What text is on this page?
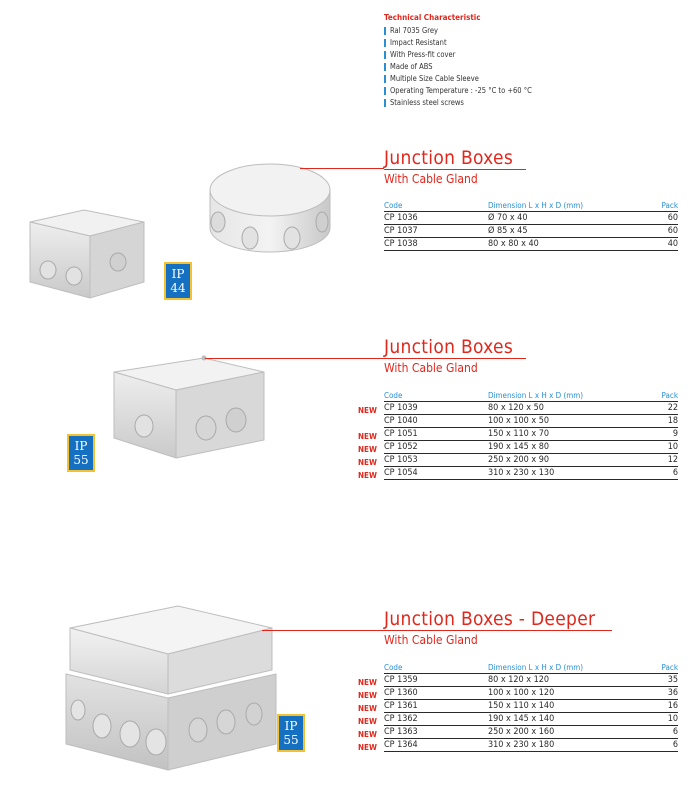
Technical Characteristic
Ral 7035 Grey
Impact Resistant
With Press-fit cover
Made of ABS
Multiple Size Cable Sleeve
Operating Temperature : -25 °C to +60 °C
Stainless steel screws
IP
44
Junction Boxes
With Cable Gland
Code	Dimension L x H x D (mm)	Pack
CP 1036	Ø 70 x 40	60
CP 1037	Ø 85 x 45	60
CP 1038	80 x 80 x 40	40
IP
55
Junction Boxes
With Cable Gland
NEW
NEW
NEW
NEW
NEW
Code	Dimension L x H x D (mm)	Pack
CP 1039	80 x 120 x 50	22
CP 1040	100 x 100 x 50	18
CP 1051	150 x 110 x 70	9
CP 1052	190 x 145 x 80	10
CP 1053	250 x 200 x 90	12
CP 1054	310 x 230 x 130	6
IP
55
Junction Boxes - Deeper
With Cable Gland
NEW
NEW
NEW
NEW
NEW
NEW
Code	Dimension L x H x D (mm)	Pack
CP 1359	80 x 120 x 120	35
CP 1360	100 x 100 x 120	36
CP 1361	150 x 110 x 140	16
CP 1362	190 x 145 x 140	10
CP 1363	250 x 200 x 160	6
CP 1364	310 x 230 x 180	6
